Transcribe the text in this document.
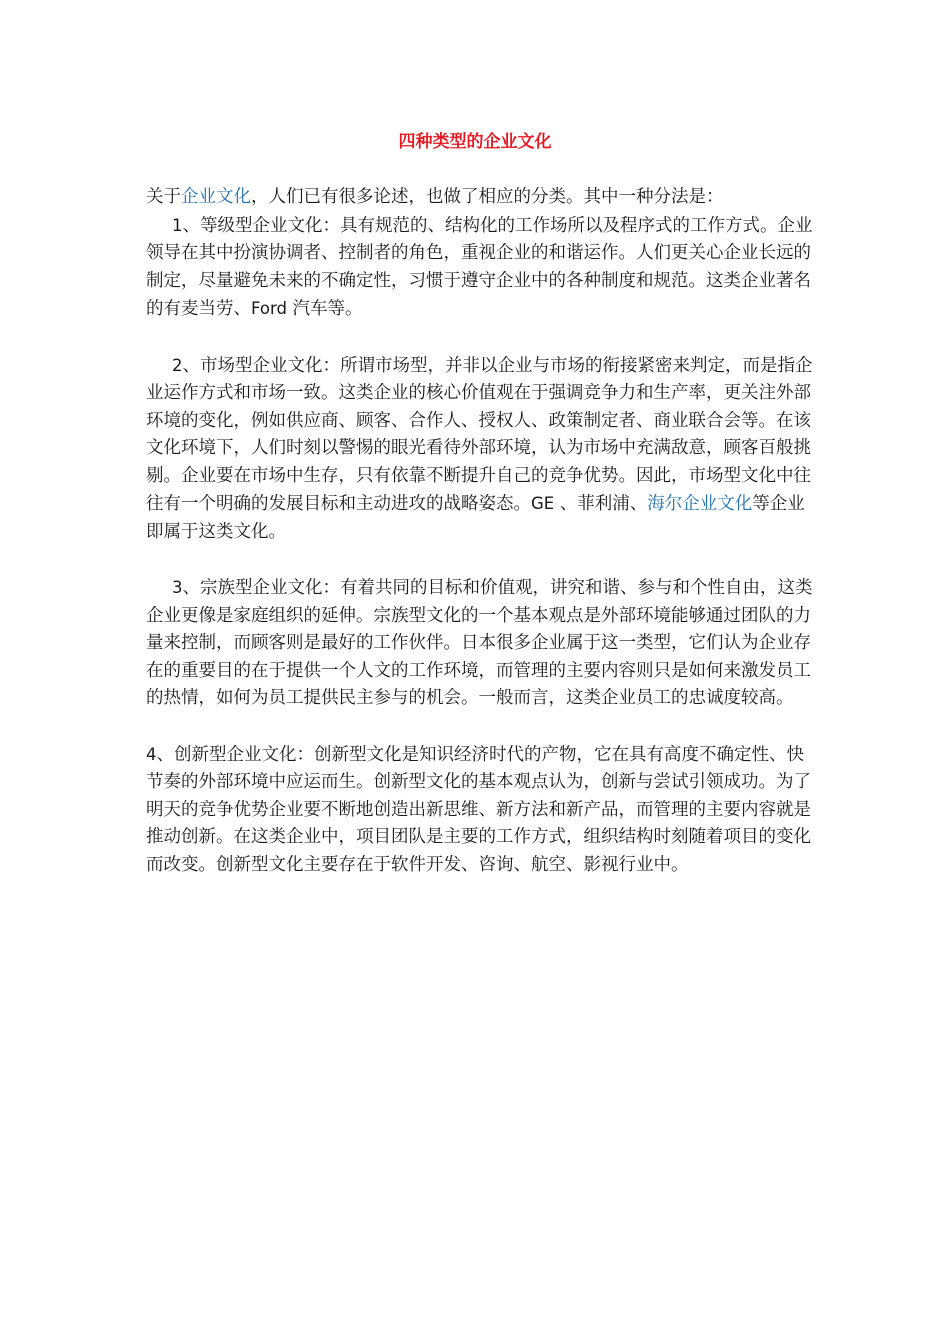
四种类型的企业文化

关于企业文化，人们已有很多论述，也做了相应的分类。其中一种分法是：

1、等级型企业文化：具有规范的、结构化的工作场所以及程序式的工作方式。企业领导在其中扮演协调者、控制者的角色，重视企业的和谐运作。人们更关心企业长远的制定，尽量避免未来的不确定性，习惯于遵守企业中的各种制度和规范。这类企业著名的有麦当劳、Ford 汽车等。

2、市场型企业文化：所谓市场型，并非以企业与市场的衔接紧密来判定，而是指企业运作方式和市场一致。这类企业的核心价值观在于强调竞争力和生产率，更关注外部环境的变化，例如供应商、顾客、合作人、授权人、政策制定者、商业联合会等。在该文化环境下，人们时刻以警惕的眼光看待外部环境，认为市场中充满敌意，顾客百般挑剔。企业要在市场中生存，只有依靠不断提升自己的竞争优势。因此，市场型文化中往往有一个明确的发展目标和主动进攻的战略姿态。GE 、菲利浦、海尔企业文化等企业即属于这类文化。

3、宗族型企业文化：有着共同的目标和价值观，讲究和谐、参与和个性自由，这类企业更像是家庭组织的延伸。宗族型文化的一个基本观点是外部环境能够通过团队的力量来控制，而顾客则是最好的工作伙伴。日本很多企业属于这一类型，它们认为企业存在的重要目的在于提供一个人文的工作环境，而管理的主要内容则只是如何来激发员工的热情，如何为员工提供民主参与的机会。一般而言，这类企业员工的忠诚度较高。

4、创新型企业文化：创新型文化是知识经济时代的产物，它在具有高度不确定性、快节奏的外部环境中应运而生。创新型文化的基本观点认为，创新与尝试引领成功。为了明天的竞争优势企业要不断地创造出新思维、新方法和新产品，而管理的主要内容就是推动创新。在这类企业中，项目团队是主要的工作方式，组织结构时刻随着项目的变化而改变。创新型文化主要存在于软件开发、咨询、航空、影视行业中。
